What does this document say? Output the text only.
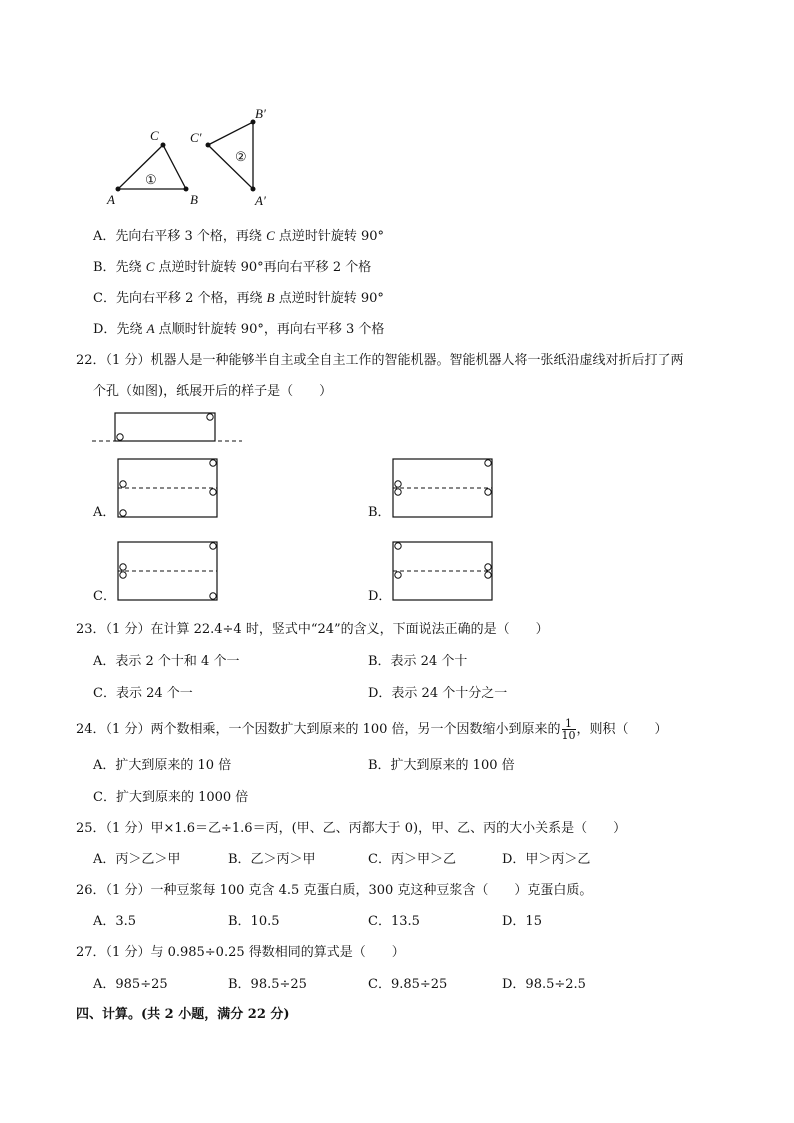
A	B
C
①
C′
B′
A′
②
A．先向右平移 3 个格，再绕 C 点逆时针旋转 90°
B．先绕 C 点逆时针旋转 90°再向右平移 2 个格
C．先向右平移 2 个格，再绕 B 点逆时针旋转 90°
D．先绕 A 点顺时针旋转 90°，再向右平移 3 个格
22．（1 分）机器人是一种能够半自主或全自主工作的智能机器。智能机器人将一张纸沿虚线对折后打了两
个孔（如图)，纸展开后的样子是（　　）
A．	B．
C．	D．
23．（1 分）在计算 22.4÷4 时，竖式中“24”的含义，下面说法正确的是（　　）
A．表示 2 个十和 4 个一	B．表示 24 个十
C．表示 24 个一	D．表示 24 个十分之一
24．（1 分）两个数相乘，一个因数扩大到原来的 100 倍，另一个因数缩小到原来的 $\frac{1}{10}$ ，则积（　　）
A．扩大到原来的 10 倍	B．扩大到原来的 100 倍
C．扩大到原来的 1000 倍
25．（1 分）甲×1.6＝乙÷1.6＝丙，(甲、乙、丙都大于 0)，甲、乙、丙的大小关系是（　　）
A．丙＞乙＞甲	B．乙＞丙＞甲	C．丙＞甲＞乙	D．甲＞丙＞乙
26．（1 分）一种豆浆每 100 克含 4.5 克蛋白质，300 克这种豆浆含（　　）克蛋白质。
A．3.5	B．10.5	C．13.5	D．15
27．（1 分）与 0.985÷0.25 得数相同的算式是（　　）
A．985÷25	B．98.5÷25	C．9.85÷25	D．98.5÷2.5
四、计算。(共 2 小题，满分 22 分)
